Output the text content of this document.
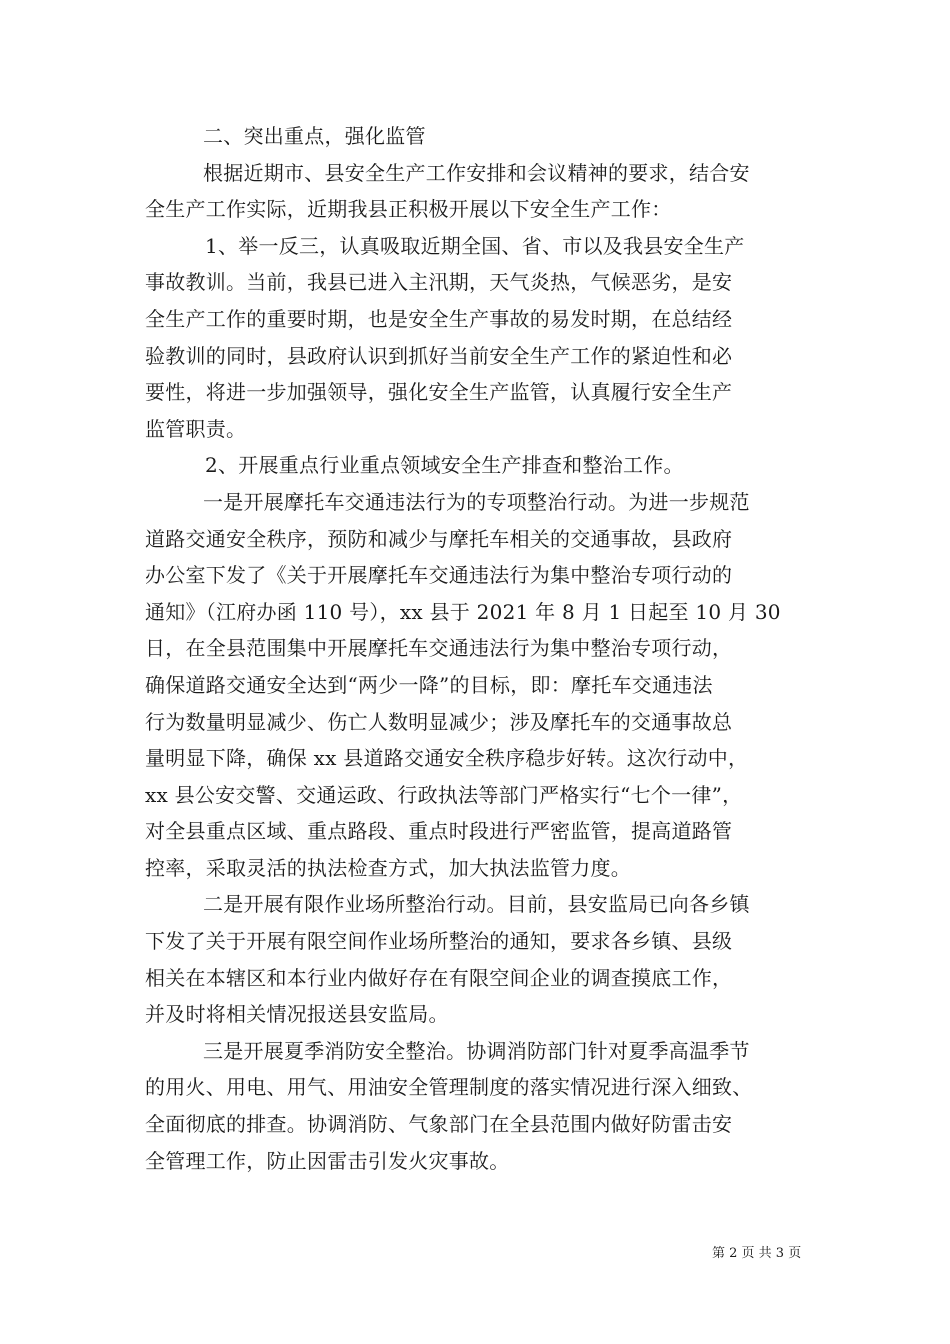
二、突出重点，强化监管
根据近期市、县安全生产工作安排和会议精神的要求，结合安
全生产工作实际，近期我县正积极开展以下安全生产工作：
1、举一反三，认真吸取近期全国、省、市以及我县安全生产
事故教训。当前，我县已进入主汛期，天气炎热，气候恶劣，是安
全生产工作的重要时期，也是安全生产事故的易发时期，在总结经
验教训的同时，县政府认识到抓好当前安全生产工作的紧迫性和必
要性，将进一步加强领导，强化安全生产监管，认真履行安全生产
监管职责。
2、开展重点行业重点领域安全生产排查和整治工作。
一是开展摩托车交通违法行为的专项整治行动。为进一步规范
道路交通安全秩序，预防和减少与摩托车相关的交通事故，县政府
办公室下发了《关于开展摩托车交通违法行为集中整治专项行动的
通知》（江府办函 110 号），xx 县于 2021 年 8 月 1 日起至 10 月 30
日，在全县范围集中开展摩托车交通违法行为集中整治专项行动，
确保道路交通安全达到“两少一降”的目标，即：摩托车交通违法
行为数量明显减少、伤亡人数明显减少；涉及摩托车的交通事故总
量明显下降，确保 xx 县道路交通安全秩序稳步好转。这次行动中，
xx 县公安交警、交通运政、行政执法等部门严格实行“七个一律”，
对全县重点区域、重点路段、重点时段进行严密监管，提高道路管
控率，采取灵活的执法检查方式，加大执法监管力度。
二是开展有限作业场所整治行动。目前，县安监局已向各乡镇
下发了关于开展有限空间作业场所整治的通知，要求各乡镇、县级
相关在本辖区和本行业内做好存在有限空间企业的调查摸底工作，
并及时将相关情况报送县安监局。
三是开展夏季消防安全整治。协调消防部门针对夏季高温季节
的用火、用电、用气、用油安全管理制度的落实情况进行深入细致、
全面彻底的排查。协调消防、气象部门在全县范围内做好防雷击安
全管理工作，防止因雷击引发火灾事故。
第 2 页 共 3 页
